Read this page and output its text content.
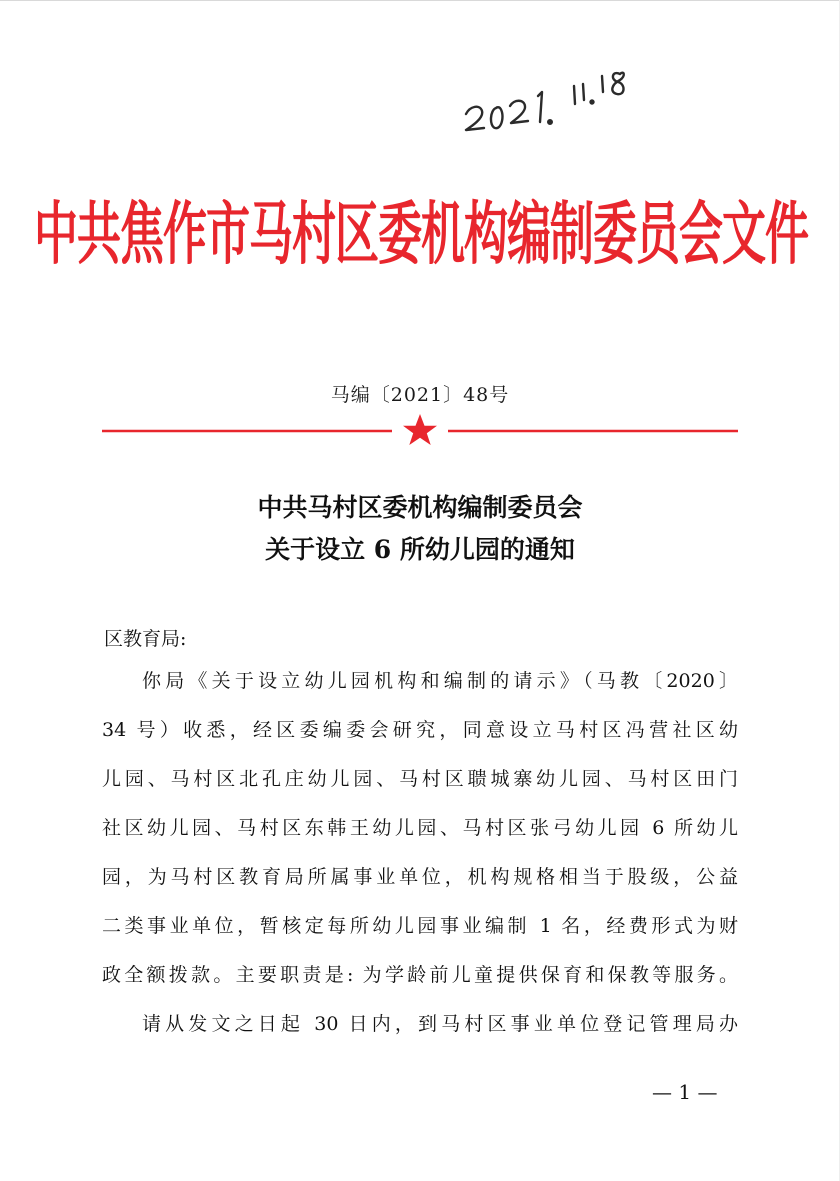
中共焦作市马村区委机构编制委员会文件
马编〔2021〕48号
中共马村区委机构编制委员会
关于设立 6 所幼儿园的通知
区教育局:
你局《关于设立幼儿园机构和编制的请示》（马教〔2020〕
34 号）收悉，经区委编委会研究，同意设立马村区冯营社区幼
儿园、马村区北孔庄幼儿园、马村区聩城寨幼儿园、马村区田门
社区幼儿园、马村区东韩王幼儿园、马村区张弓幼儿园 6 所幼儿
园，为马村区教育局所属事业单位，机构规格相当于股级，公益
二类事业单位，暂核定每所幼儿园事业编制 1 名，经费形式为财
政全额拨款。主要职责是: 为学龄前儿童提供保育和保教等服务。
请从发文之日起 30 日内，到马村区事业单位登记管理局办
— 1 —
